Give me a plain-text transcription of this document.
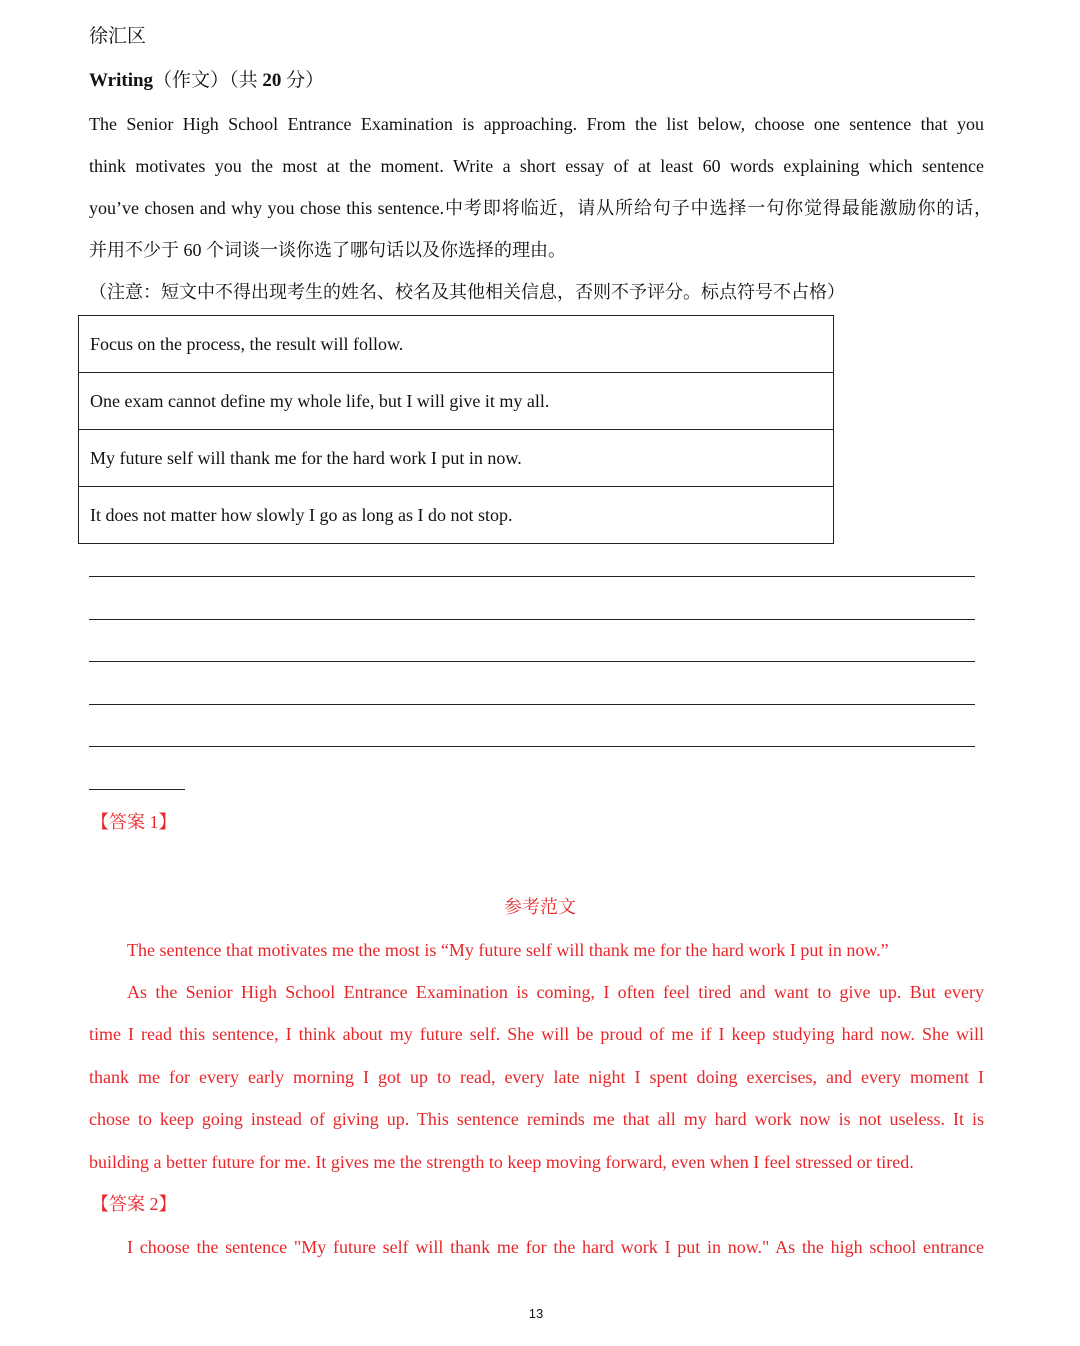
徐汇区
Writing（作文）（共 20 分）
The Senior High School Entrance Examination is approaching. From the list below, choose one sentence that you
think motivates you the most at the moment. Write a short essay of at least 60 words explaining which sentence
you’ve chosen and why you chose this sentence.中考即将临近，请从所给句子中选择一句你觉得最能激励你的话，
并用不少于 60 个词谈一谈你选了哪句话以及你选择的理由。
（注意：短文中不得出现考生的姓名、校名及其他相关信息，否则不予评分。标点符号不占格）
Focus on the process, the result will follow.
One exam cannot define my whole life, but I will give it my all.
My future self will thank me for the hard work I put in now.
It does not matter how slowly I go as long as I do not stop.
【答案 1】
参考范文
The sentence that motivates me the most is “My future self will thank me for the hard work I put in now.”
As the Senior High School Entrance Examination is coming, I often feel tired and want to give up. But every
time I read this sentence, I think about my future self. She will be proud of me if I keep studying hard now. She will
thank me for every early morning I got up to read, every late night I spent doing exercises, and every moment I
chose to keep going instead of giving up. This sentence reminds me that all my hard work now is not useless. It is
building a better future for me. It gives me the strength to keep moving forward, even when I feel stressed or tired.
【答案 2】
I choose the sentence "My future self will thank me for the hard work I put in now." As the high school entrance
13
